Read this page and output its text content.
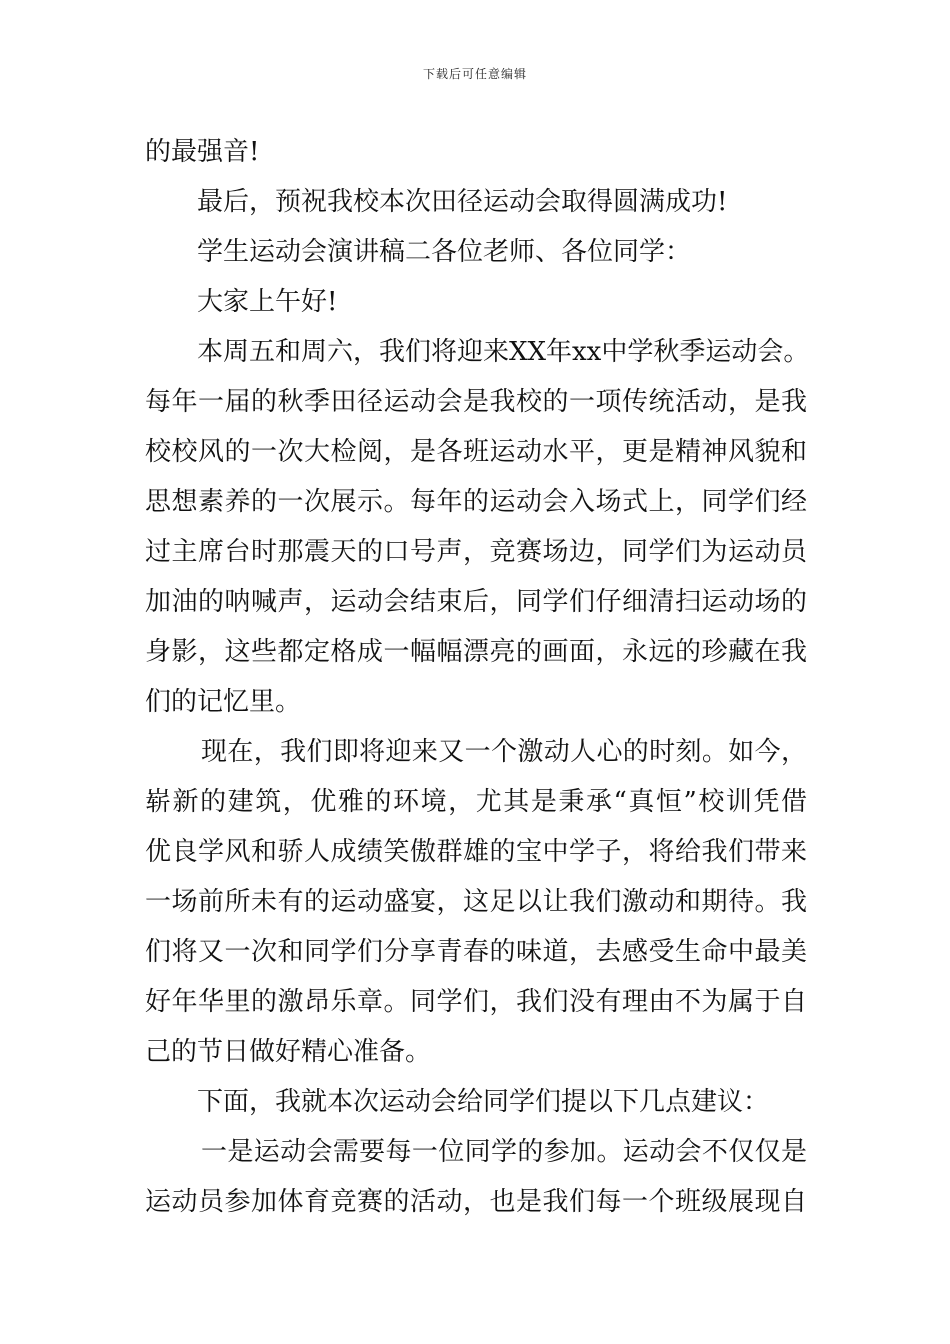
下载后可任意编辑
的最强音!
最后，预祝我校本次田径运动会取得圆满成功!
学生运动会演讲稿二各位老师、各位同学：
大家上午好!
本周五和周六，我们将迎来XX年xx中学秋季运动会。
每年一届的秋季田径运动会是我校的一项传统活动，是我
校校风的一次大检阅，是各班运动水平，更是精神风貌和
思想素养的一次展示。每年的运动会入场式上，同学们经
过主席台时那震天的口号声，竞赛场边，同学们为运动员
加油的呐喊声，运动会结束后，同学们仔细清扫运动场的
身影，这些都定格成一幅幅漂亮的画面，永远的珍藏在我
们的记忆里。
现在，我们即将迎来又一个激动人心的时刻。如今，
崭新的建筑，优雅的环境，尤其是秉承“真恒”校训凭借
优良学风和骄人成绩笑傲群雄的宝中学子，将给我们带来
一场前所未有的运动盛宴，这足以让我们激动和期待。我
们将又一次和同学们分享青春的味道，去感受生命中最美
好年华里的激昂乐章。同学们，我们没有理由不为属于自
己的节日做好精心准备。
下面，我就本次运动会给同学们提以下几点建议：
一是运动会需要每一位同学的参加。运动会不仅仅是
运动员参加体育竞赛的活动，也是我们每一个班级展现自
